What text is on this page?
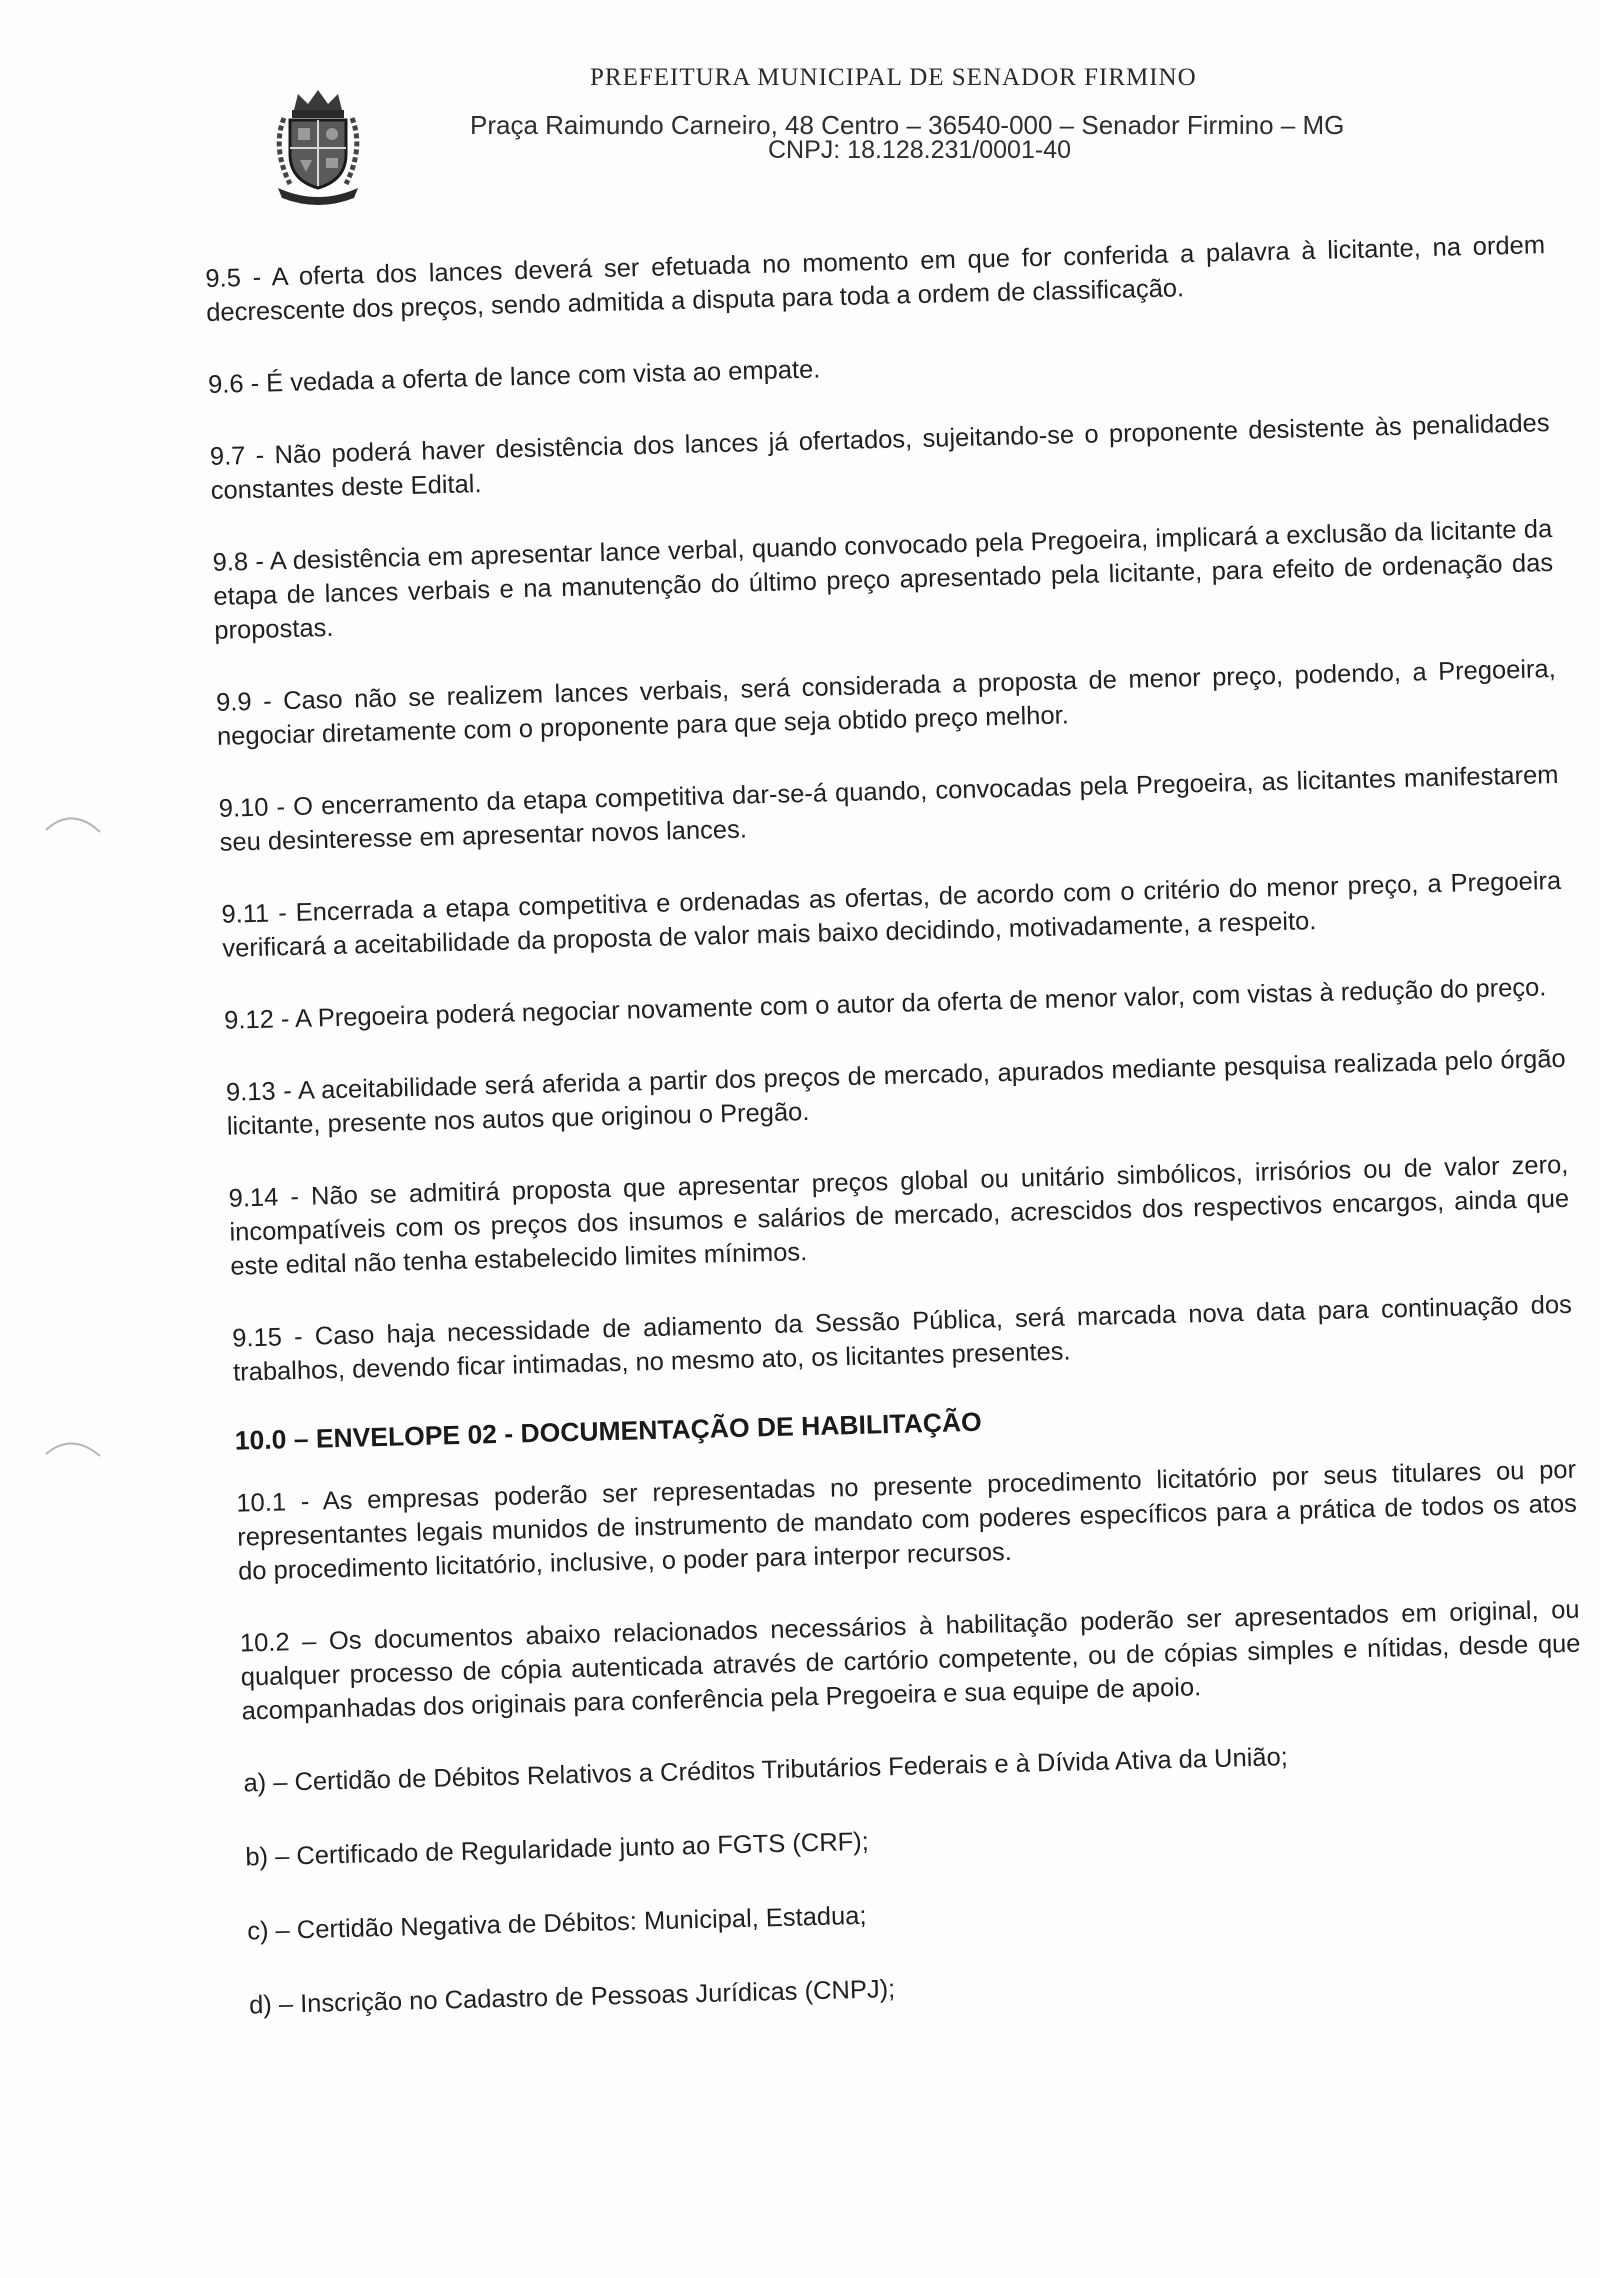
PREFEITURA MUNICIPAL DE SENADOR FIRMINO
Praça Raimundo Carneiro, 48 Centro – 36540-000 – Senador Firmino – MG
CNPJ: 18.128.231/0001-40

9.5 - A oferta dos lances deverá ser efetuada no momento em que for conferida a palavra à licitante, na ordem decrescente dos preços, sendo admitida a disputa para toda a ordem de classificação.

9.6 - É vedada a oferta de lance com vista ao empate.

9.7 - Não poderá haver desistência dos lances já ofertados, sujeitando-se o proponente desistente às penalidades constantes deste Edital.

9.8 - A desistência em apresentar lance verbal, quando convocado pela Pregoeira, implicará a exclusão da licitante da etapa de lances verbais e na manutenção do último preço apresentado pela licitante, para efeito de ordenação das propostas.

9.9 - Caso não se realizem lances verbais, será considerada a proposta de menor preço, podendo, a Pregoeira, negociar diretamente com o proponente para que seja obtido preço melhor.

9.10 - O encerramento da etapa competitiva dar-se-á quando, convocadas pela Pregoeira, as licitantes manifestarem seu desinteresse em apresentar novos lances.

9.11 - Encerrada a etapa competitiva e ordenadas as ofertas, de acordo com o critério do menor preço, a Pregoeira verificará a aceitabilidade da proposta de valor mais baixo decidindo, motivadamente, a respeito.

9.12 - A Pregoeira poderá negociar novamente com o autor da oferta de menor valor, com vistas à redução do preço.

9.13 - A aceitabilidade será aferida a partir dos preços de mercado, apurados mediante pesquisa realizada pelo órgão licitante, presente nos autos que originou o Pregão.

9.14 - Não se admitirá proposta que apresentar preços global ou unitário simbólicos, irrisórios ou de valor zero, incompatíveis com os preços dos insumos e salários de mercado, acrescidos dos respectivos encargos, ainda que este edital não tenha estabelecido limites mínimos.

9.15 - Caso haja necessidade de adiamento da Sessão Pública, será marcada nova data para continuação dos trabalhos, devendo ficar intimadas, no mesmo ato, os licitantes presentes.

10.0 – ENVELOPE 02 - DOCUMENTAÇÃO DE HABILITAÇÃO

10.1 - As empresas poderão ser representadas no presente procedimento licitatório por seus titulares ou por representantes legais munidos de instrumento de mandato com poderes específicos para a prática de todos os atos do procedimento licitatório, inclusive, o poder para interpor recursos.

10.2 – Os documentos abaixo relacionados necessários à habilitação poderão ser apresentados em original, ou qualquer processo de cópia autenticada através de cartório competente, ou de cópias simples e nítidas, desde que acompanhadas dos originais para conferência pela Pregoeira e sua equipe de apoio.

a) – Certidão de Débitos Relativos a Créditos Tributários Federais e à Dívida Ativa da União;
b) – Certificado de Regularidade junto ao FGTS (CRF);
c) – Certidão Negativa de Débitos: Municipal, Estadua;
d) – Inscrição no Cadastro de Pessoas Jurídicas (CNPJ);
